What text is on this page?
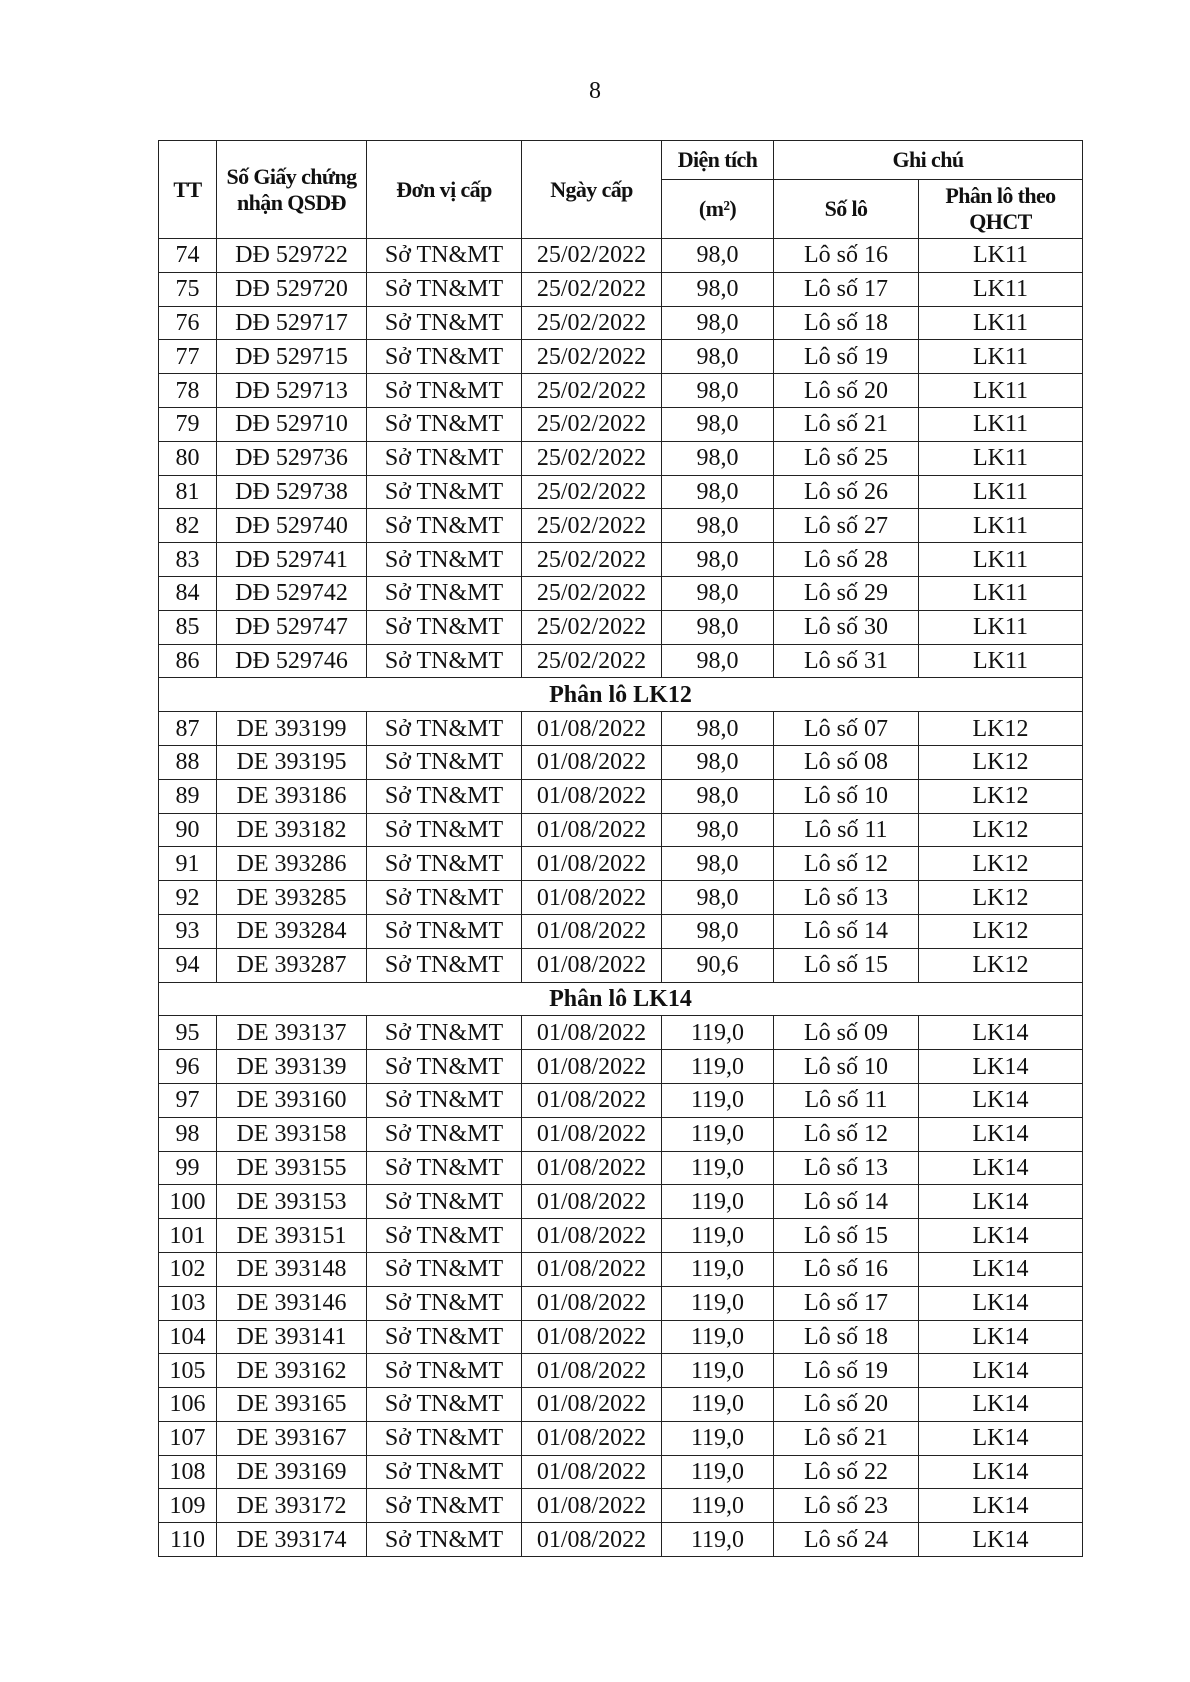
8
TT	Số Giấy chứng nhận QSDĐ	Đơn vị cấp	Ngày cấp	Diện tích	Ghi chú	
				(m²)	Số lô	Phân lô theo QHCT
74	DĐ 529722	Sở TN&MT	25/02/2022	98,0	Lô số 16	LK11
75	DĐ 529720	Sở TN&MT	25/02/2022	98,0	Lô số 17	LK11
76	DĐ 529717	Sở TN&MT	25/02/2022	98,0	Lô số 18	LK11
77	DĐ 529715	Sở TN&MT	25/02/2022	98,0	Lô số 19	LK11
78	DĐ 529713	Sở TN&MT	25/02/2022	98,0	Lô số 20	LK11
79	DĐ 529710	Sở TN&MT	25/02/2022	98,0	Lô số 21	LK11
80	DĐ 529736	Sở TN&MT	25/02/2022	98,0	Lô số 25	LK11
81	DĐ 529738	Sở TN&MT	25/02/2022	98,0	Lô số 26	LK11
82	DĐ 529740	Sở TN&MT	25/02/2022	98,0	Lô số 27	LK11
83	DĐ 529741	Sở TN&MT	25/02/2022	98,0	Lô số 28	LK11
84	DĐ 529742	Sở TN&MT	25/02/2022	98,0	Lô số 29	LK11
85	DĐ 529747	Sở TN&MT	25/02/2022	98,0	Lô số 30	LK11
86	DĐ 529746	Sở TN&MT	25/02/2022	98,0	Lô số 31	LK11
Phân lô LK12						
87	DE 393199	Sở TN&MT	01/08/2022	98,0	Lô số 07	LK12
88	DE 393195	Sở TN&MT	01/08/2022	98,0	Lô số 08	LK12
89	DE 393186	Sở TN&MT	01/08/2022	98,0	Lô số 10	LK12
90	DE 393182	Sở TN&MT	01/08/2022	98,0	Lô số 11	LK12
91	DE 393286	Sở TN&MT	01/08/2022	98,0	Lô số 12	LK12
92	DE 393285	Sở TN&MT	01/08/2022	98,0	Lô số 13	LK12
93	DE 393284	Sở TN&MT	01/08/2022	98,0	Lô số 14	LK12
94	DE 393287	Sở TN&MT	01/08/2022	90,6	Lô số 15	LK12
Phân lô LK14						
95	DE 393137	Sở TN&MT	01/08/2022	119,0	Lô số 09	LK14
96	DE 393139	Sở TN&MT	01/08/2022	119,0	Lô số 10	LK14
97	DE 393160	Sở TN&MT	01/08/2022	119,0	Lô số 11	LK14
98	DE 393158	Sở TN&MT	01/08/2022	119,0	Lô số 12	LK14
99	DE 393155	Sở TN&MT	01/08/2022	119,0	Lô số 13	LK14
100	DE 393153	Sở TN&MT	01/08/2022	119,0	Lô số 14	LK14
101	DE 393151	Sở TN&MT	01/08/2022	119,0	Lô số 15	LK14
102	DE 393148	Sở TN&MT	01/08/2022	119,0	Lô số 16	LK14
103	DE 393146	Sở TN&MT	01/08/2022	119,0	Lô số 17	LK14
104	DE 393141	Sở TN&MT	01/08/2022	119,0	Lô số 18	LK14
105	DE 393162	Sở TN&MT	01/08/2022	119,0	Lô số 19	LK14
106	DE 393165	Sở TN&MT	01/08/2022	119,0	Lô số 20	LK14
107	DE 393167	Sở TN&MT	01/08/2022	119,0	Lô số 21	LK14
108	DE 393169	Sở TN&MT	01/08/2022	119,0	Lô số 22	LK14
109	DE 393172	Sở TN&MT	01/08/2022	119,0	Lô số 23	LK14
110	DE 393174	Sở TN&MT	01/08/2022	119,0	Lô số 24	LK14
